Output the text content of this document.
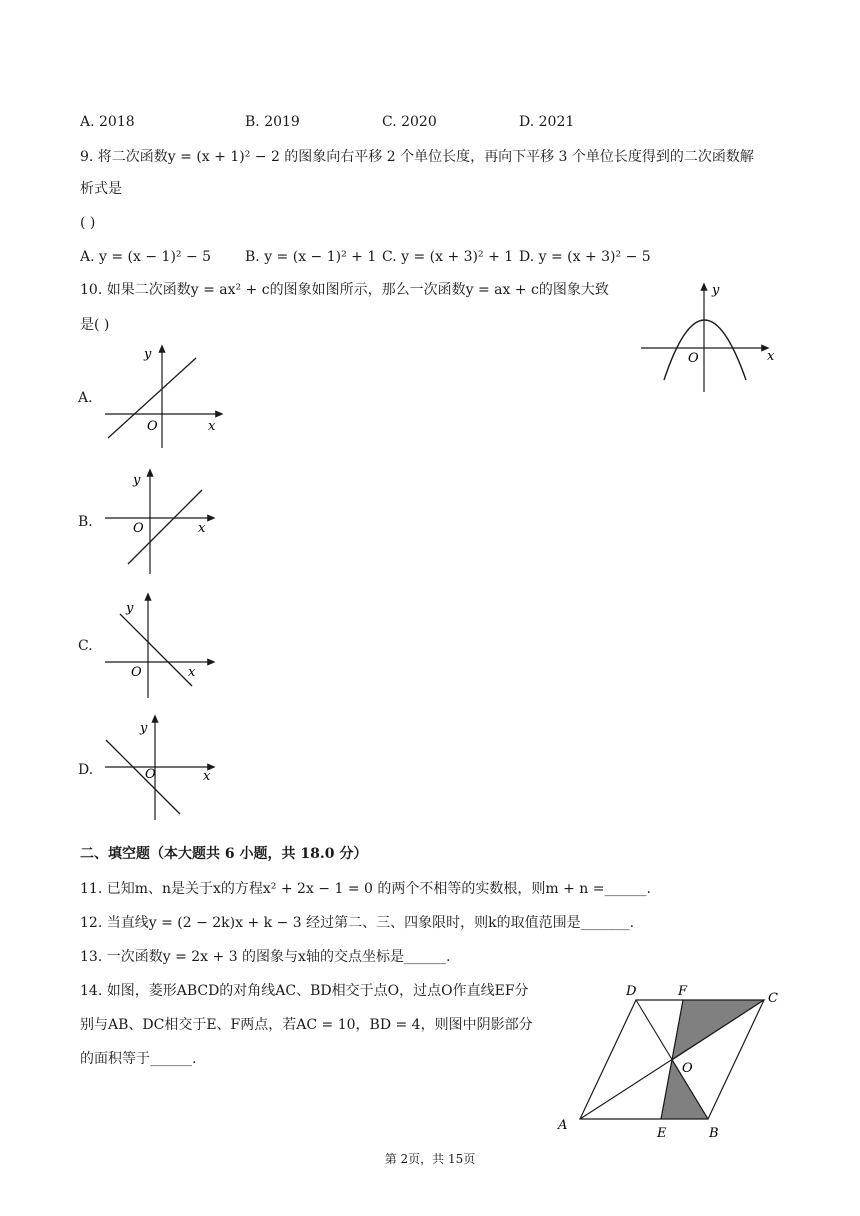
A. 2018	B. 2019	C. 2020	D. 2021
9. 将二次函数y = (x + 1)² − 2 的图象向右平移 2 个单位长度，再向下平移 3 个单位长度得到的二次函数解
析式是
( )
A. y = (x − 1)² − 5 B. y = (x − 1)² + 1 C. y = (x + 3)² + 1 D. y = (x + 3)² − 5
10. 如果二次函数y = ax² + c的图象如图所示，那么一次函数y = ax + c的图象大致
是( )
y
x
O
A.
y
x
O
B.
y
x
O
C.
y
x
O
D.
y
x
O
二、填空题（本大题共 6 小题，共 18.0 分）
11. 已知m、n是关于x的方程x² + 2x − 1 = 0 的两个不相等的实数根，则m + n =______.
12. 当直线y = (2 − 2k)x + k − 3 经过第二、三、四象限时，则k的取值范围是_______.
13. 一次函数y = 2x + 3 的图象与x轴的交点坐标是______.
14. 如图，菱形ABCD的对角线AC、BD相交于点O，过点O作直线EF分
别与AB、DC相交于E、F两点，若AC = 10，BD = 4，则图中阴影部分
的面积等于______.
D	F	C
O
A
E	B
第 2页，共 15页
